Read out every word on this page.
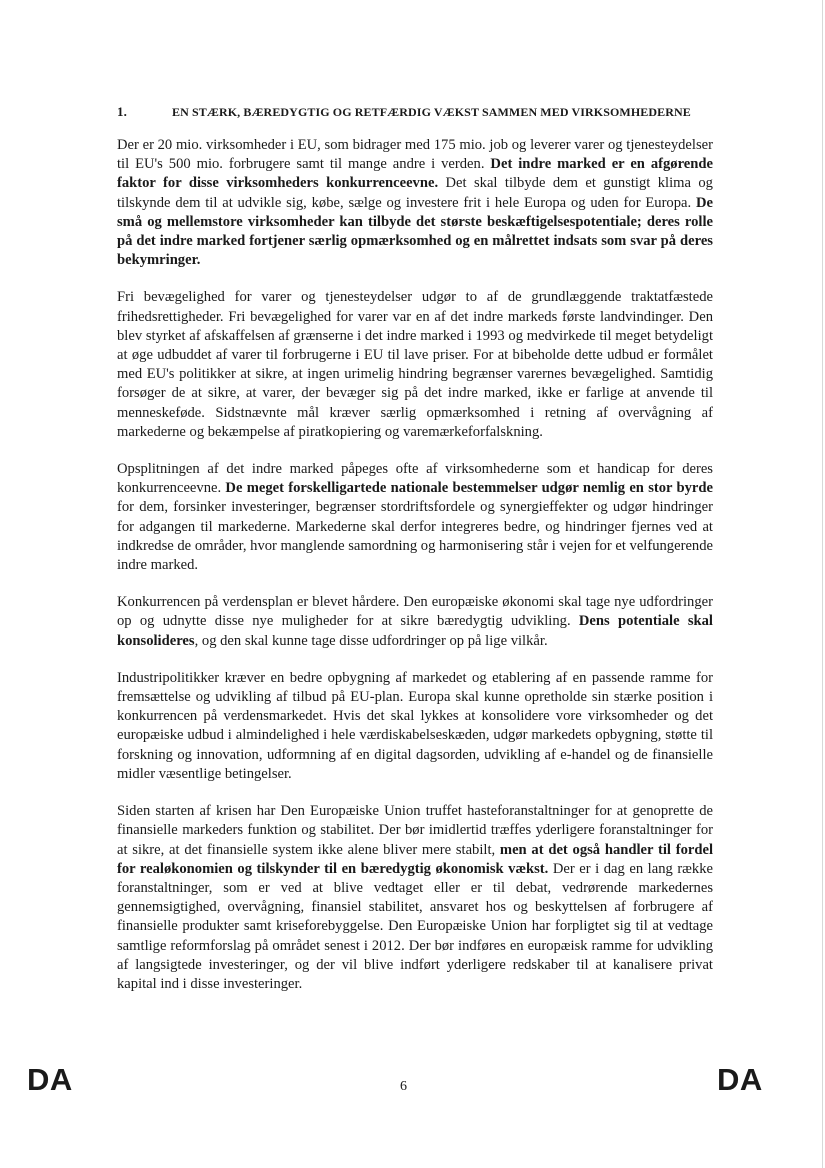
1.	EN STÆRK, BÆREDYGTIG OG RETFÆRDIG VÆKST SAMMEN MED VIRKSOMHEDERNE

Der er 20 mio. virksomheder i EU, som bidrager med 175 mio. job og leverer varer og tjenesteydelser til EU's 500 mio. forbrugere samt til mange andre i verden. Det indre marked er en afgørende faktor for disse virksomheders konkurrenceevne. Det skal tilbyde dem et gunstigt klima og tilskynde dem til at udvikle sig, købe, sælge og investere frit i hele Europa og uden for Europa. De små og mellemstore virksomheder kan tilbyde det største beskæftigelsespotentiale; deres rolle på det indre marked fortjener særlig opmærksomhed og en målrettet indsats som svar på deres bekymringer.

Fri bevægelighed for varer og tjenesteydelser udgør to af de grundlæggende traktatfæstede frihedsrettigheder. Fri bevægelighed for varer var en af det indre markeds første landvindinger. Den blev styrket af afskaffelsen af grænserne i det indre marked i 1993 og medvirkede til meget betydeligt at øge udbuddet af varer til forbrugerne i EU til lave priser. For at bibeholde dette udbud er formålet med EU's politikker at sikre, at ingen urimelig hindring begrænser varernes bevægelighed. Samtidig forsøger de at sikre, at varer, der bevæger sig på det indre marked, ikke er farlige at anvende til menneskeføde. Sidstnævnte mål kræver særlig opmærksomhed i retning af overvågning af markederne og bekæmpelse af piratkopiering og varemærkeforfalskning.

Opsplitningen af det indre marked påpeges ofte af virksomhederne som et handicap for deres konkurrenceevne. De meget forskelligartede nationale bestemmelser udgør nemlig en stor byrde for dem, forsinker investeringer, begrænser stordriftsfordele og synergieffekter og udgør hindringer for adgangen til markederne. Markederne skal derfor integreres bedre, og hindringer fjernes ved at indkredse de områder, hvor manglende samordning og harmonisering står i vejen for et velfungerende indre marked.

Konkurrencen på verdensplan er blevet hårdere. Den europæiske økonomi skal tage nye udfordringer op og udnytte disse nye muligheder for at sikre bæredygtig udvikling. Dens potentiale skal konsolideres, og den skal kunne tage disse udfordringer op på lige vilkår.

Industripolitikker kræver en bedre opbygning af markedet og etablering af en passende ramme for fremsættelse og udvikling af tilbud på EU-plan. Europa skal kunne opretholde sin stærke position i konkurrencen på verdensmarkedet. Hvis det skal lykkes at konsolidere vore virksomheder og det europæiske udbud i almindelighed i hele værdiskabelseskæden, udgør markedets opbygning, støtte til forskning og innovation, udformning af en digital dagsorden, udvikling af e-handel og de finansielle midler væsentlige betingelser.

Siden starten af krisen har Den Europæiske Union truffet hasteforanstaltninger for at genoprette de finansielle markeders funktion og stabilitet. Der bør imidlertid træffes yderligere foranstaltninger for at sikre, at det finansielle system ikke alene bliver mere stabilt, men at det også handler til fordel for realøkonomien og tilskynder til en bæredygtig økonomisk vækst. Der er i dag en lang række foranstaltninger, som er ved at blive vedtaget eller er til debat, vedrørende markedernes gennemsigtighed, overvågning, finansiel stabilitet, ansvaret hos og beskyttelsen af forbrugere af finansielle produkter samt kriseforebyggelse. Den Europæiske Union har forpligtet sig til at vedtage samtlige reformforslag på området senest i 2012. Der bør indføres en europæisk ramme for udvikling af langsigtede investeringer, og der vil blive indført yderligere redskaber til at kanalisere privat kapital ind i disse investeringer.

DA	6	DA
